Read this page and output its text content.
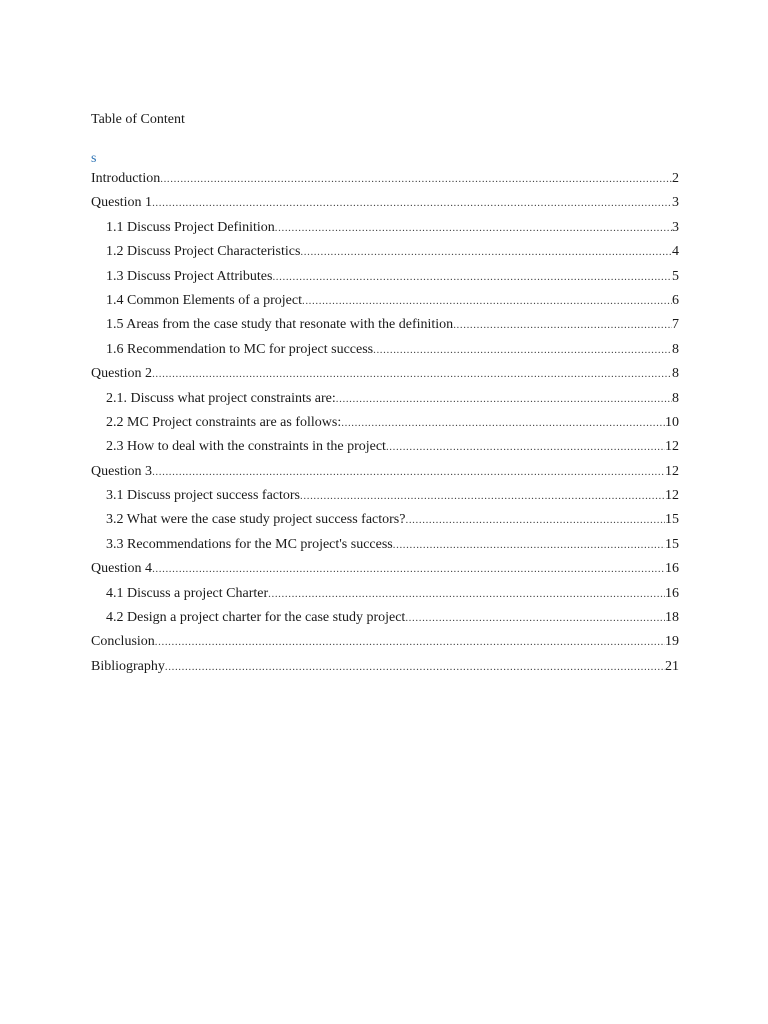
Table of Content
s
Introduction .....	2
Question 1 .....	3
1.1 Discuss Project Definition .....	3
1.2 Discuss Project Characteristics .....	4
1.3 Discuss Project Attributes .....	5
1.4 Common Elements of a project .....	6
1.5 Areas from the case study that resonate with the definition .....	7
1.6 Recommendation to MC for project success .....	8
Question 2 .....	8
2.1. Discuss what project constraints are: .....	8
2.2 MC Project constraints are as follows: .....	10
2.3 How to deal with the constraints in the project .....	12
Question 3 .....	12
3.1 Discuss project success factors .....	12
3.2 What were the case study project success factors? .....	15
3.3 Recommendations for the MC project's success .....	15
Question 4 .....	16
4.1 Discuss a project Charter .....	16
4.2 Design a project charter for the case study project .....	18
Conclusion .....	19
Bibliography .....	21
